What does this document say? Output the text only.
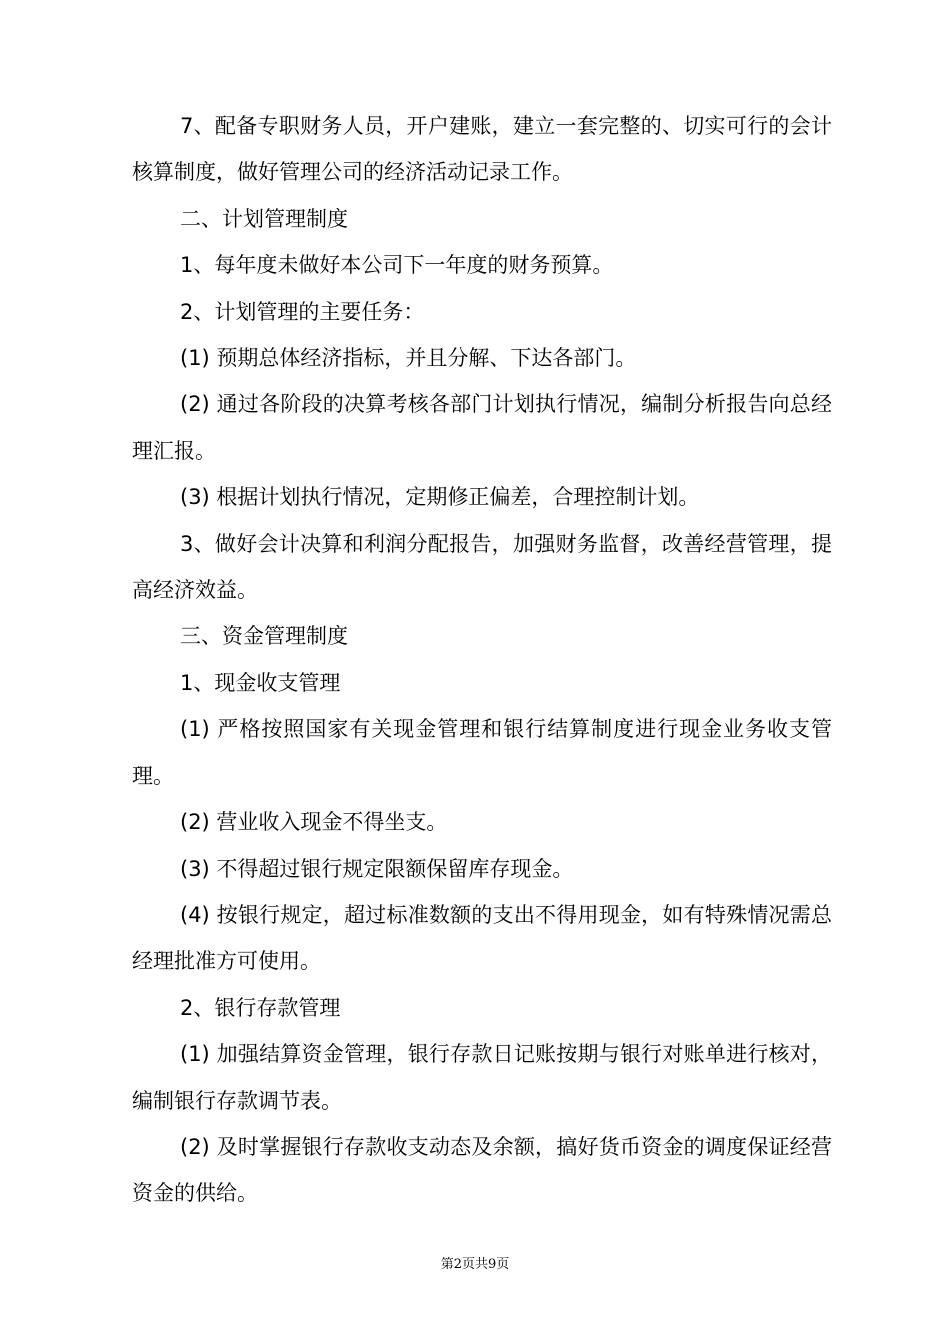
7、配备专职财务人员，开户建账，建立一套完整的、切实可行的会计核算制度，做好管理公司的经济活动记录工作。

二、计划管理制度

1、每年度未做好本公司下一年度的财务预算。

2、计划管理的主要任务：

(1) 预期总体经济指标，并且分解、下达各部门。

(2) 通过各阶段的决算考核各部门计划执行情况，编制分析报告向总经理汇报。

(3) 根据计划执行情况，定期修正偏差，合理控制计划。

3、做好会计决算和利润分配报告，加强财务监督，改善经营管理，提高经济效益。

三、资金管理制度

1、现金收支管理

(1) 严格按照国家有关现金管理和银行结算制度进行现金业务收支管理。

(2) 营业收入现金不得坐支。

(3) 不得超过银行规定限额保留库存现金。

(4) 按银行规定，超过标准数额的支出不得用现金，如有特殊情况需总经理批准方可使用。

2、银行存款管理

(1) 加强结算资金管理，银行存款日记账按期与银行对账单进行核对，编制银行存款调节表。

(2) 及时掌握银行存款收支动态及余额，搞好货币资金的调度保证经营资金的供给。

第2页共9页
